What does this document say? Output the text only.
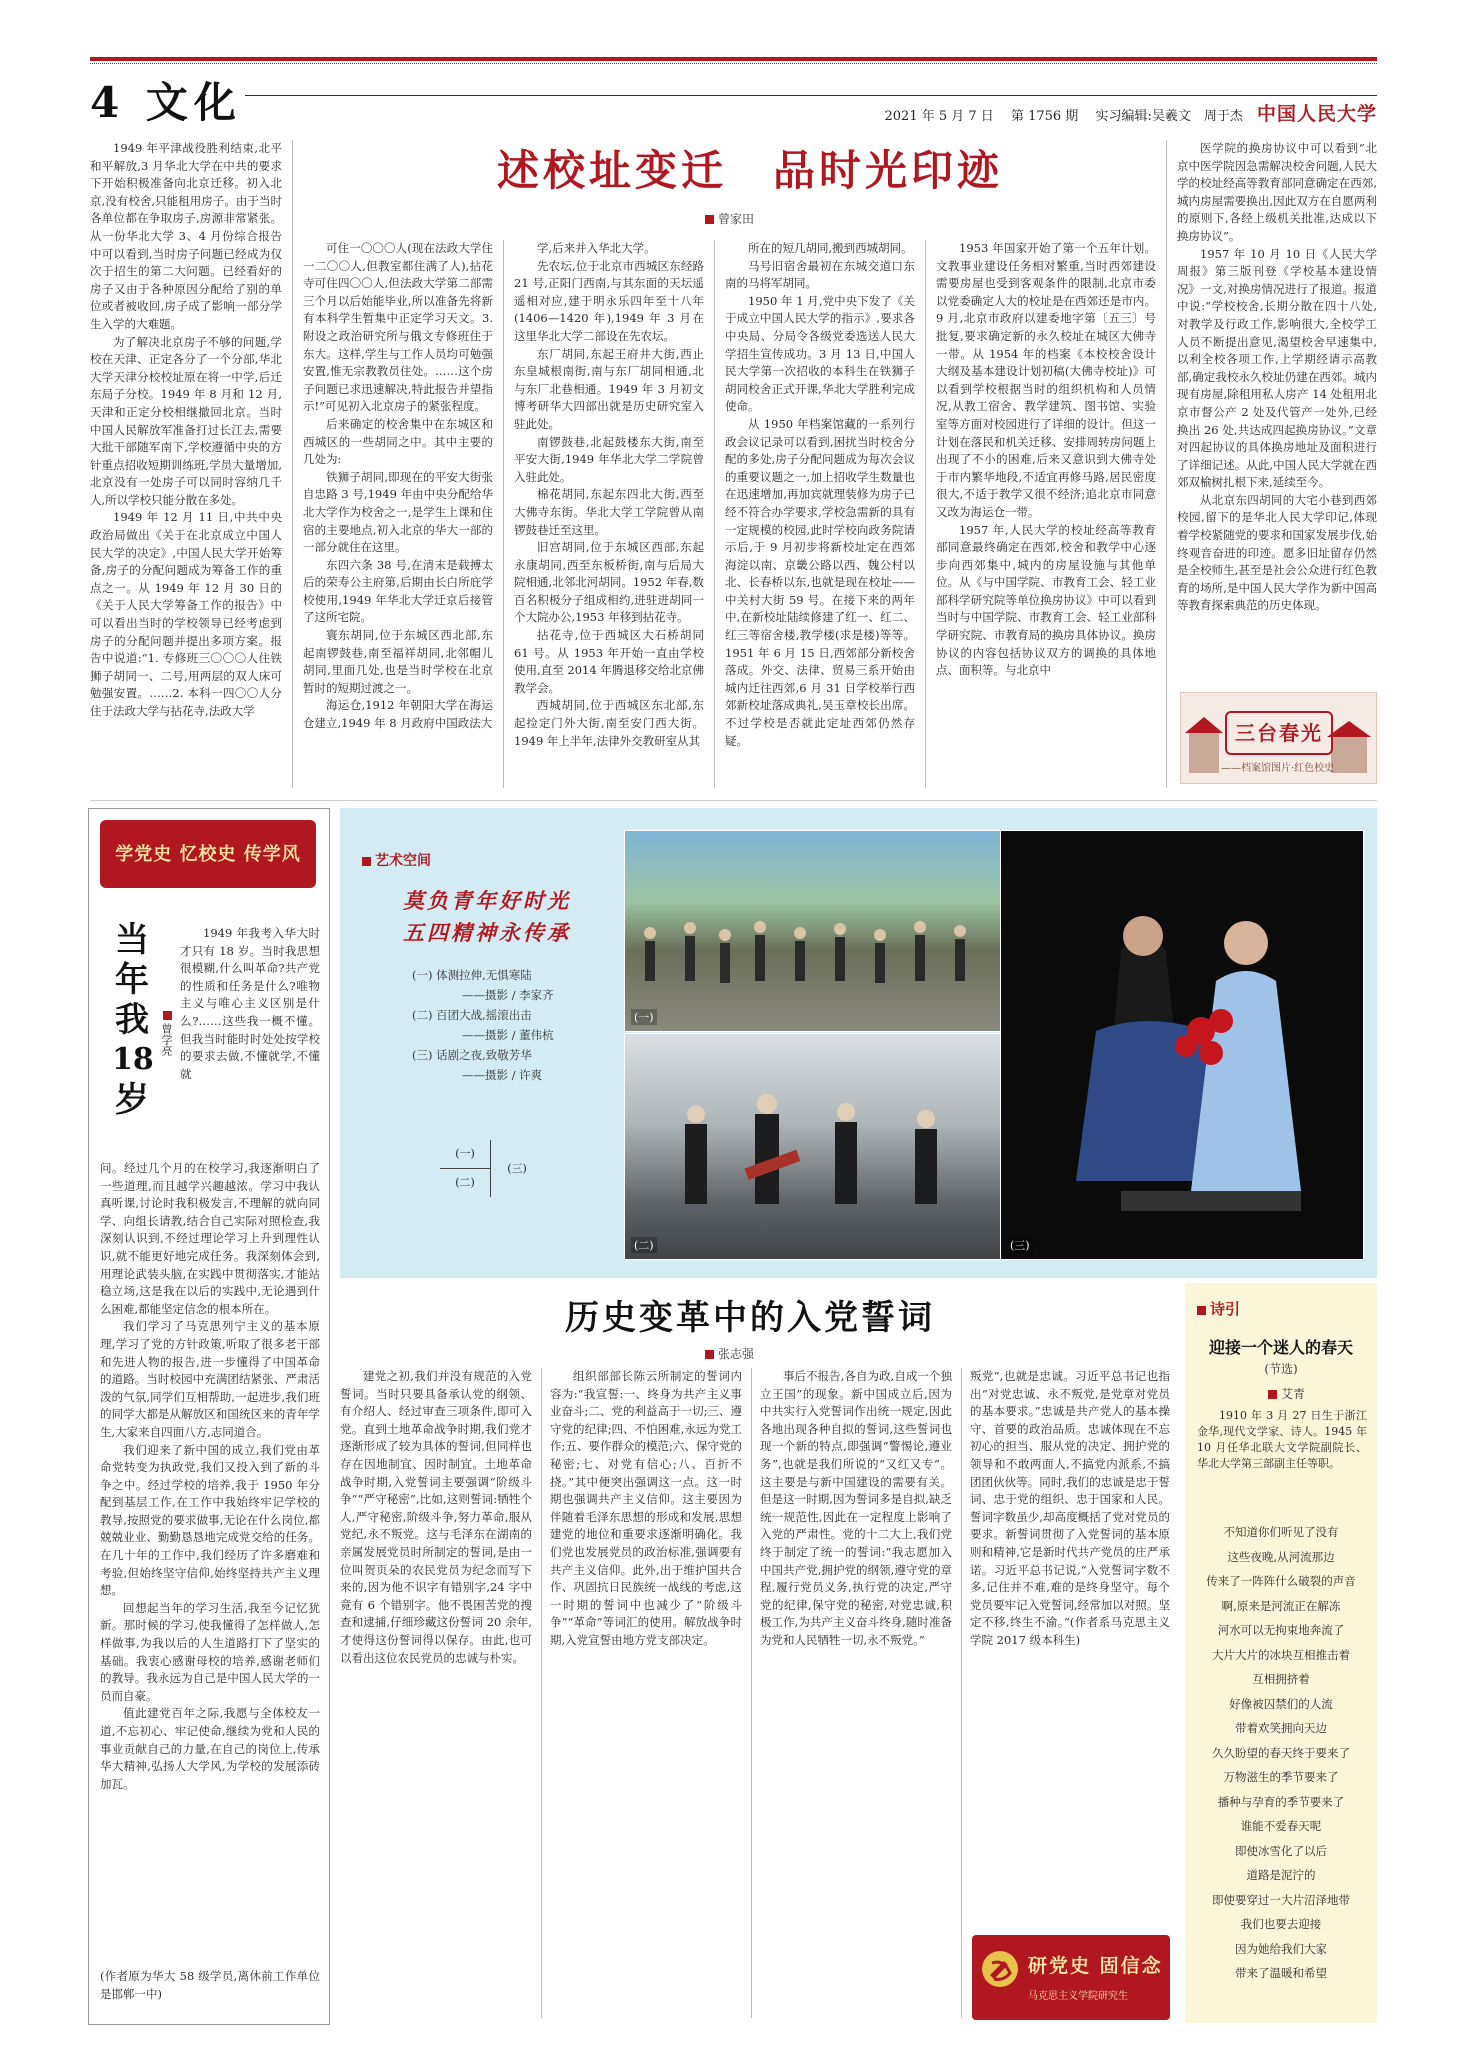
4 文化	2021 年 5 月 7 日　 第 1756 期　 实习编辑:吴羲文　周于杰 中国人民大学
述校址变迁　品时光印迹
曾家田

1949 年平津战役胜利结束,北平和平解放,3 月华北大学在中共的要求下开始积极准备向北京迁移。初入北京,没有校舍,只能租用房子。由于当时各单位都在争取房子,房源非常紧张。从一份华北大学 3、4 月份综合报告中可以看到,当时房子问题已经成为仅次于招生的第二大问题。已经看好的房子又由于各种原因分配给了别的单位或者被收回,房子成了影响一部分学生入学的大难题。

为了解决北京房子不够的问题,学校在天津、正定各分了一个分部,华北大学天津分校校址原在将一中学,后迁东局子分校。1949 年 8 月和 12 月,天津和正定分校相继撤回北京。当时中国人民解放军准备打过长江去,需要大批干部随军南下,学校遵循中央的方针重点招收短期训练班,学员大量增加,北京没有一处房子可以同时容纳几千人,所以学校只能分散在多处。

1949 年 12 月 11 日,中共中央政治局做出《关于在北京成立中国人民大学的决定》,中国人民大学开始筹备,房子的分配问题成为筹备工作的重点之一。从 1949 年 12 月 30 日的《关于人民大学筹备工作的报告》中可以看出当时的学校领导已经考虑到房子的分配问题并提出多项方案。报告中说道:“1. 专修班三〇〇〇人住铁狮子胡同一、二号,用两层的双人床可勉强安置。……2. 本科一四〇〇人分住于法政大学与拈花寺,法政大学

可住一〇〇〇人(现在法政大学住一二〇〇人,但教室都住满了人),拈花寺可住四〇〇人,但法政大学第二部需三个月以后始能毕业,所以准备先将新有本科学生暂集中正定学习天文。3. 附设之政治研究所与俄文专修班住于东大。这样,学生与工作人员均可勉强安置,惟无宗教教员住处。……这个房子问题已求迅速解决,特此报告并望指示!”可见初入北京房子的紧张程度。

后来确定的校舍集中在东城区和西城区的一些胡同之中。其中主要的几处为:

铁狮子胡同,即现在的平安大街张自忠路 3 号,1949 年由中央分配给华北大学作为校舍之一,是学生上课和住宿的主要地点,初入北京的华大一部的一部分就住在这里。

东四六条 38 号,在清末是载搏太后的荣寿公主府第,后期由长白所庇学校使用,1949 年华北大学迁京后接管了这所宅院。

寰东胡同,位于东城区西北部,东起南锣鼓巷,南至福祥胡同,北邻帽儿胡同,里面几处,也是当时学校在北京暂时的短期过渡之一。

海运仓,1912 年朝阳大学在海运仓建立,1949 年 8 月政府中国政法大

学,后来并入华北大学。

先农坛,位于北京市西城区东经路 21 号,正阳门西南,与其东面的天坛遥遥相对应,建于明永乐四年至十八年(1406—1420 年),1949 年 3 月在这里华北大学二部设在先农坛。

东厂胡同,东起王府井大街,西止东皇城根南街,南与东厂胡同相通,北与东厂北巷相通。1949 年 3 月初文博考研华大四部出就是历史研究室入驻此处。

南锣鼓巷,北起鼓楼东大街,南至平安大街,1949 年华北大学二学院曾入驻此处。

棉花胡同,东起东四北大街,西至大佛寺东街。华北大学工学院曾从南锣鼓巷迁至这里。

旧宫胡同,位于东城区西部,东起永康胡同,西至东板桥街,南与后局大院相通,北邻北河胡同。1952 年春,数百名积极分子组成相约,进驻进胡同一个大院办公,1953 年移到拈花寺。

拈花寺,位于西城区大石桥胡同 61 号。从 1953 年开始一直由学校使用,直至 2014 年腾退移交给北京佛教学会。

西城胡同,位于西城区东北部,东起捡定门外大街,南至安门西大街。1949 年上半年,法律外交教研室从其

所在的短几胡同,搬到西城胡同。

马号旧宿舍最初在东城交道口东南的马将军胡同。

1950 年 1 月,党中央下发了《关于成立中国人民大学的指示》,要求各中央局、分局令各级党委选送人民大学招生宣传成功。3 月 13 日,中国人民大学第一次招收的本科生在铁狮子胡同校舍正式开课,华北大学胜利完成使命。

从 1950 年档案馆藏的一系列行政会议记录可以看到,困扰当时校舍分配的多处,房子分配问题成为每次会议的重要议题之一,加上招收学生数量也在迅速增加,再加宾就理装修为房子已经不符合办学要求,学校急需新的具有一定规模的校园,此时学校向政务院请示后,于 9 月初步将新校址定在西郊海淀以南、京畿公路以西、魏公村以北、长春桥以东,也就是现在校址——中关村大街 59 号。在接下来的两年中,在新校址陆续修建了红一、红二、红三等宿舍楼,教学楼(求是楼)等等。1951 年 6 月 15 日,西郊部分新校舍落成。外交、法律、贸易三系开始由城内迁往西郊,6 月 31 日学校举行西郊新校址落成典礼,吴玉章校长出席。不过学校是否就此定址西郊仍然存疑。

1953 年国家开始了第一个五年计划。文教事业建设任务相对繁重,当时西郊建设需要房屋也受到客观条件的限制,北京市委以党委确定人大的校址是在西郊还是市内。9 月,北京市政府以建委地字第〔五三〕号批复,要求确定新的永久校址在城区大佛寺一带。从 1954 年的档案《本校校舍设计大纲及基本建设计划初稿(大佛寺校址)》可以看到学校根据当时的组织机构和人员情况,从教工宿舍、教学建筑、图书馆、实验室等方面对校园进行了详细的设计。但这一计划在落民和机关迁移、安排周转房问题上出现了不小的困难,后来又意识到大佛寺处于市内繁华地段,不适宜再修马路,居民密度很大,不适于教学又很不经济;追北京市同意又改为海运仓一带。

1957 年,人民大学的校址经高等教育部同意最终确定在西郊,校舍和教学中心逐步向西郊集中,城内的房屋设施与其他单位。从《与中国学院、市教育工会、轻工业部科学研究院等单位换房协议》中可以看到当时与中国学院、市教育工会、轻工业部科学研究院、市教育局的换房具体协议。换房协议的内容包括协议双方的调换的具体地点、面积等。与北京中

医学院的换房协议中可以看到“北京中医学院因急需解决校舍问题,人民大学的校址经高等教育部同意确定在西郊,城内房屋需要换出,因此双方在自愿两利的原则下,各经上级机关批准,达成以下换房协议”。

1957 年 10 月 10 日《人民大学周报》第三版刊登《学校基本建设情况》一文,对换房情况进行了报道。报道中说:“学校校舍,长期分散在四十八处,对教学及行政工作,影响很大,全校学工人员不断提出意见,渴望校舍早速集中,以利全校各项工作,上学期经请示高教部,确定我校永久校址仍建在西郊。城内现有房屋,除租用私人房产 14 处租用北京市督公产 2 处及代管产一处外,已经换出 26 处,共达成四起换房协议。”文章对四起协议的具体换房地址及面积进行了详细记述。从此,中国人民大学就在西郊双榆树扎根下来,延续至今。

从北京东四胡同的大宅小巷到西郊校园,留下的是华北人民大学印记,体现着学校紧随党的要求和国家发展步伐,始终观音奋进的印迹。愿多旧址留存仍然是全校师生,甚至是社会公众进行红色教育的场所,是中国人民大学作为新中国高等教育探索典范的历史体现。

三台春光
——档案馆图片·红色校史
学党史 忆校史 传学风
当
年
我
18
岁
曾学亮

1949 年我考入华大时才只有 18 岁。当时我思想很模糊,什么叫革命?共产党的性质和任务是什么?唯物主义与唯心主义区别是什么?……这些我一概不懂。但我当时能时时处处按学校的要求去做,不懂就学,不懂就

问。经过几个月的在校学习,我逐渐明白了一些道理,而且越学兴趣越浓。学习中我认真听课,讨论时我积极发言,不理解的就向同学、向组长请教,结合自己实际对照检查,我深刻认识到,不经过理论学习上升到理性认识,就不能更好地完成任务。我深刻体会到,用理论武装头脑,在实践中贯彻落实,才能站稳立场,这是我在以后的实践中,无论遇到什么困难,都能坚定信念的根本所在。

我们学习了马克思列宁主义的基本原理,学习了党的方针政策,听取了很多老干部和先进人物的报告,进一步懂得了中国革命的道路。当时校园中充满团结紧张、严肃活泼的气氛,同学们互相帮助,一起进步,我们班的同学大都是从解放区和国统区来的青年学生,大家来自四面八方,志同道合。

我们迎来了新中国的成立,我们党由革命党转变为执政党,我们又投入到了新的斗争之中。经过学校的培养,我于 1950 年分配到基层工作,在工作中我始终牢记学校的教导,按照党的要求做事,无论在什么岗位,都兢兢业业、勤勤恳恳地完成党交给的任务。在几十年的工作中,我们经历了许多磨难和考验,但始终坚守信仰,始终坚持共产主义理想。

回想起当年的学习生活,我至今记忆犹新。那时候的学习,使我懂得了怎样做人,怎样做事,为我以后的人生道路打下了坚实的基础。我衷心感谢母校的培养,感谢老师们的教导。我永远为自己是中国人民大学的一员而自豪。

值此建党百年之际,我愿与全体校友一道,不忘初心、牢记使命,继续为党和人民的事业贡献自己的力量,在自己的岗位上,传承华大精神,弘扬人大学风,为学校的发展添砖加瓦。

(作者原为华大 58 级学员,离休前工作单位是邯郸一中)
艺术空间
莫负青年好时光
五四精神永传承
(一) 体测拉伸,无惧寒陆
——摄影 / 李家齐
(二) 百团大战,摇滚出击
——摄影 / 董伟杭
(三) 话剧之夜,致敬芳华
——摄影 / 许爽
(一)
(二)
(三)
(一)
(二)	(三)
历史变革中的入党誓词
张志强

建党之初,我们并没有规范的入党誓词。当时只要具备承认党的纲领、有介绍人、经过审查三项条件,即可入党。直到土地革命战争时期,我们党才逐渐形成了较为具体的誓词,但同样也存在因地制宜、因时制宜。土地革命战争时期,入党誓词主要强调“阶级斗争”“严守秘密”,比如,这则誓词:牺牲个人,严守秘密,阶级斗争,努力革命,服从党纪,永不叛党。这与毛泽东在湖南的亲属发展党员时所制定的誓词,是由一位叫贺页朵的农民党员为纪念而写下来的,因为他不识字有错别字,24 字中竟有 6 个错别字。他不畏困苦党的搜查和逮捕,仔细珍藏这份誓词 20 余年,才使得这份誓词得以保存。由此,也可以看出这位农民党员的忠诚与朴实。

组织部部长陈云所制定的誓词内容为:“我宣誓:一、终身为共产主义事业奋斗;二、党的利益高于一切;三、遵守党的纪律;四、不怕困难,永远为党工作;五、要作群众的模范;六、保守党的秘密;七、对党有信心;八、百折不挠。”其中便突出强调这一点。这一时期也强调共产主义信仰。这主要因为伴随着毛泽东思想的形成和发展,思想建党的地位和重要求逐渐明确化。我们党也发展党员的政治标准,强调要有共产主义信仰。此外,出于维护国共合作、巩固抗日民族统一战线的考虑,这一时期的誓词中也减少了“阶级斗争”“革命”等词汇的使用。解放战争时期,入党宣誓由地方党支部决定。

事后不报告,各自为政,自成一个独立王国”的现象。新中国成立后,因为中共实行入党誓词作出统一规定,因此各地出现各种自拟的誓词,这些誓词也现一个新的特点,即强调“警惕论,遵业务”,也就是我们所说的“又红又专”。这主要是与新中国建设的需要有关。但是这一时期,因为誓词多是自拟,缺乏统一规范性,因此在一定程度上影响了入党的严肃性。党的十二大上,我们党终于制定了统一的誓词:“我志愿加入中国共产党,拥护党的纲领,遵守党的章程,履行党员义务,执行党的决定,严守党的纪律,保守党的秘密,对党忠诚,积极工作,为共产主义奋斗终身,随时准备为党和人民牺牲一切,永不叛党。”

叛党”,也就是忠诚。习近平总书记也指出“对党忠诚、永不叛党,是党章对党员的基本要求。”忠诚是共产党人的基本操守、首要的政治品质。忠诚体现在不忘初心的担当、服从党的决定、拥护党的领导和不敢两面人,不搞党内派系,不搞团团伙伙等。同时,我们的忠诚是忠于誓词、忠于党的组织、忠于国家和人民。誓词字数虽少,却高度概括了党对党员的要求。新誓词贯彻了入党誓词的基本原则和精神,它是新时代共产党员的庄严承诺。习近平总书记说,“入党誓词字数不多,记住并不难,难的是终身坚守。每个党员要牢记入党誓词,经常加以对照。坚定不移,终生不渝。”(作者系马克思主义学院 2017 级本科生)

研党史 固信念
马克思主义学院研究生
诗引
迎接一个迷人的春天
(节选)
艾青

1910 年 3 月 27 日生于浙江金华,现代文学家、诗人。1945 年 10 月任华北联大文学院副院长、华北大学第三部副主任等职。

不知道你们听见了没有
这些夜晚,从河流那边
传来了一阵阵什么破裂的声音
啊,原来是河流正在解冻
河水可以无拘束地奔流了
大片大片的冰块互相推击着
互相拥挤着
好像被囚禁们的人流
带着欢笑拥向天边
久久盼望的春天终于要来了
万物滋生的季节要来了
播种与孕育的季节要来了
谁能不爱春天呢
即使冰雪化了以后
道路是泥泞的
即使要穿过一大片沼泽地带
我们也要去迎接
因为她给我们大家
带来了温暖和希望
